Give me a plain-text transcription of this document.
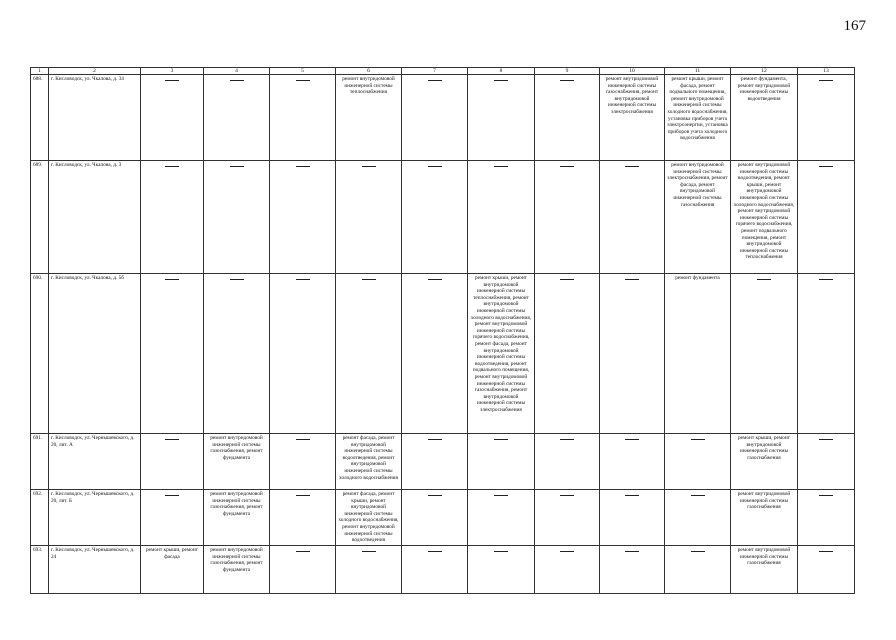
167
1	2	3	4	5	6	7	8	9	10	11	12	13
688.	г. Кисловодск, ул. Чкалова, д. 34				ремонт внутридомовой инженерной системы теплоснабжения				ремонт внутридомовой инженерной системы газоснабжения, ремонт внутридомовой инженерной системы электроснабжения	ремонт крыши, ремонт фасада, ремонт подвального помещения, ремонт внутридомовой инженерной системы холодного водоснабжения, установка приборов учета электроэнергии, установка приборов учета холодного водоснабжения	ремонт фундамента, ремонт внутридомовой инженерной системы водоотведения	

689.	г. Кисловодск, ул. Чкалова, д. 3									ремонт внутридомовой инженерной системы электроснабжения, ремонт фасада, ремонт внутридомовой инженерной системы газоснабжения	ремонт внутридомовой инженерной системы водоотведения, ремонт крыши, ремонт внутридомовой инженерной системы холодного водоснабжения, ремонт внутридомовой инженерной системы горячего водоснабжения, ремонт подвального помещения, ремонт внутридомовой инженерной системы теплоснабжения	

690.	г. Кисловодск, ул. Чкалова, д. 5б						ремонт крыши, ремонт внутридомовой инженерной системы теплоснабжения, ремонт внутридомовой инженерной системы холодного водоснабжения, ремонт внутридомовой инженерной системы горячего водоснабжения, ремонт фасада, ремонт внутридомовой инженерной системы водоотведения, ремонт подвального помещения, ремонт внутридомовой инженерной системы газоснабжения, ремонт внутридомовой инженерной системы электроснабжения			ремонт фундамента	

691.	г. Кисловодск, ул. Чернышевского, д. 20, лит. А		ремонт внутридомовой инженерной системы газоснабжения, ремонт фундамента		ремонт фасада, ремонт внутридомовой инженерной системы водоотведения, ремонт внутридомовой инженерной системы холодного водоснабжения						ремонт крыши, ремонт внутридомовой инженерной системы газоснабжения	

692.	г. Кисловодск, ул. Чернышевского, д. 20, лит. Б		ремонт внутридомовой инженерной системы газоснабжения, ремонт фундамента		ремонт фасада, ремонт крыши, ремонт внутридомовой инженерной системы холодного водоснабжения, ремонт внутридомовой инженерной системы водоотведения						ремонт внутридомовой инженерной системы газоснабжения	

693.	г. Кисловодск, ул. Чернышевского, д. 24	ремонт крыши, ремонт фасада	ремонт внутридомовой инженерной системы газоснабжения, ремонт фундамента								ремонт внутридомовой инженерной системы газоснабжения	
